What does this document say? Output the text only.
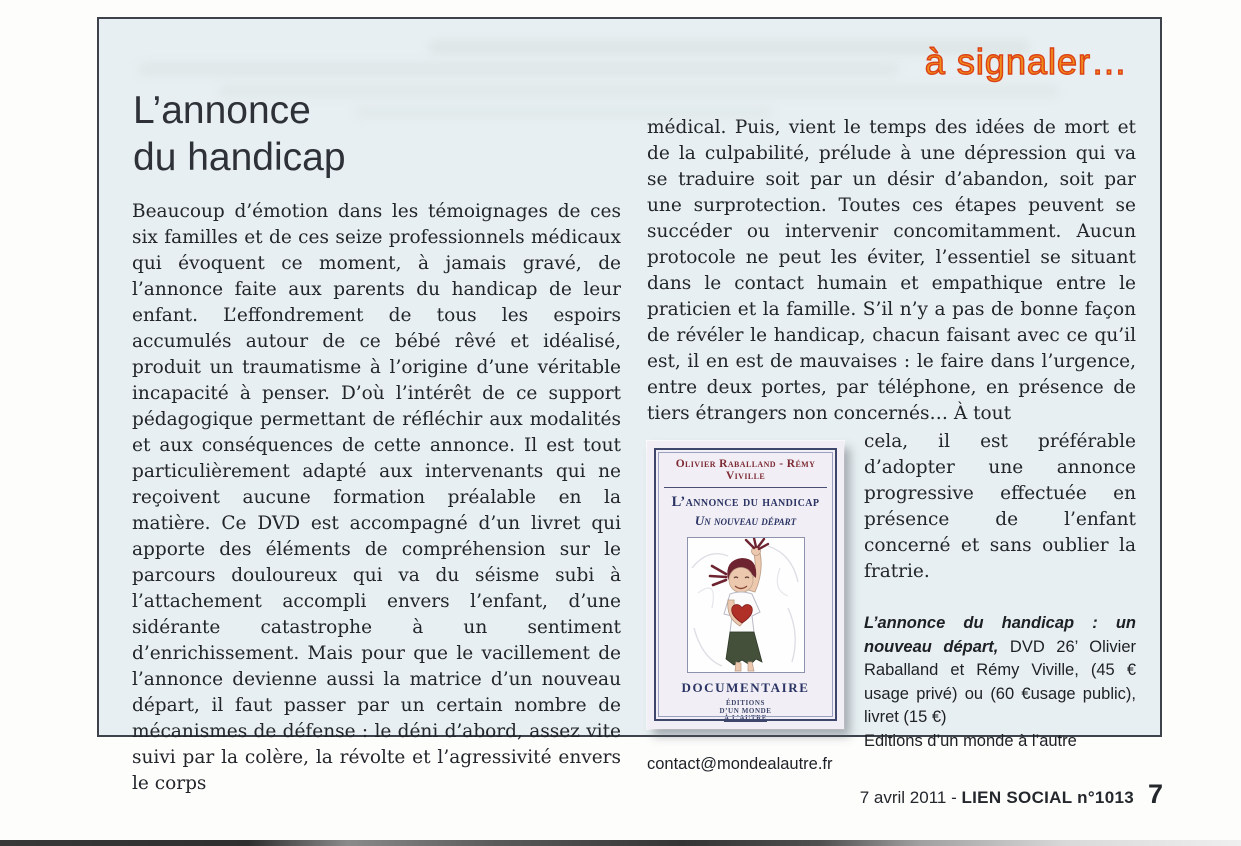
à signaler…
L’annonce
du handicap

Beaucoup d’émotion dans les témoignages de ces six familles et de ces seize professionnels médicaux qui évoquent ce moment, à jamais gravé, de l’annonce faite aux parents du handicap de leur enfant. L’effondrement de tous les espoirs accumulés autour de ce bébé rêvé et idéalisé, produit un traumatisme à l’origine d’une véritable incapacité à penser. D’où l’intérêt de ce support pédagogique permettant de réfléchir aux modalités et aux conséquences de cette annonce. Il est tout particulièrement adapté aux intervenants qui ne reçoivent aucune formation préalable en la matière. Ce DVD est accompagné d’un livret qui apporte des éléments de compréhension sur le parcours douloureux qui va du séisme subi à l’attachement accompli envers l’enfant, d’une sidérante catastrophe à un sentiment d’enrichissement. Mais pour que le vacillement de l’annonce devienne aussi la matrice d’un nouveau départ, il faut passer par un certain nombre de mécanismes de défense : le déni d’abord, assez vite suivi par la colère, la révolte et l’agressivité envers le corps

médical. Puis, vient le temps des idées de mort et de la culpabilité, prélude à une dépression qui va se traduire soit par un désir d’abandon, soit par une surprotection. Toutes ces étapes peuvent se succéder ou intervenir concomitamment. Aucun protocole ne peut les éviter, l’essentiel se situant dans le contact humain et empathique entre le praticien et la famille. S’il n’y a pas de bonne façon de révéler le handicap, chacun faisant avec ce qu’il est, il en est de mauvaises : le faire dans l’urgence, entre deux portes, par téléphone, en présence de tiers étrangers non concernés… À tout

Olivier Raballand - Rémy Viville
L’annonce du handicap
Un nouveau départ
DOCUMENTAIRE
ÉDITIONS
D’UN MONDE
À L’AUTRE

cela, il est préférable d’adopter une annonce progressive effectuée en présence de l’enfant concerné et sans oublier la fratrie.

L’annonce du handicap : un nouveau départ, DVD 26’ Olivier Raballand et Rémy Viville, (45 € usage privé) ou (60 €usage public), livret (15 €)
Editions d’un monde à l’autre
contact@mondealautre.fr
7 avril 2011 - LIEN SOCIAL n°1013 7
